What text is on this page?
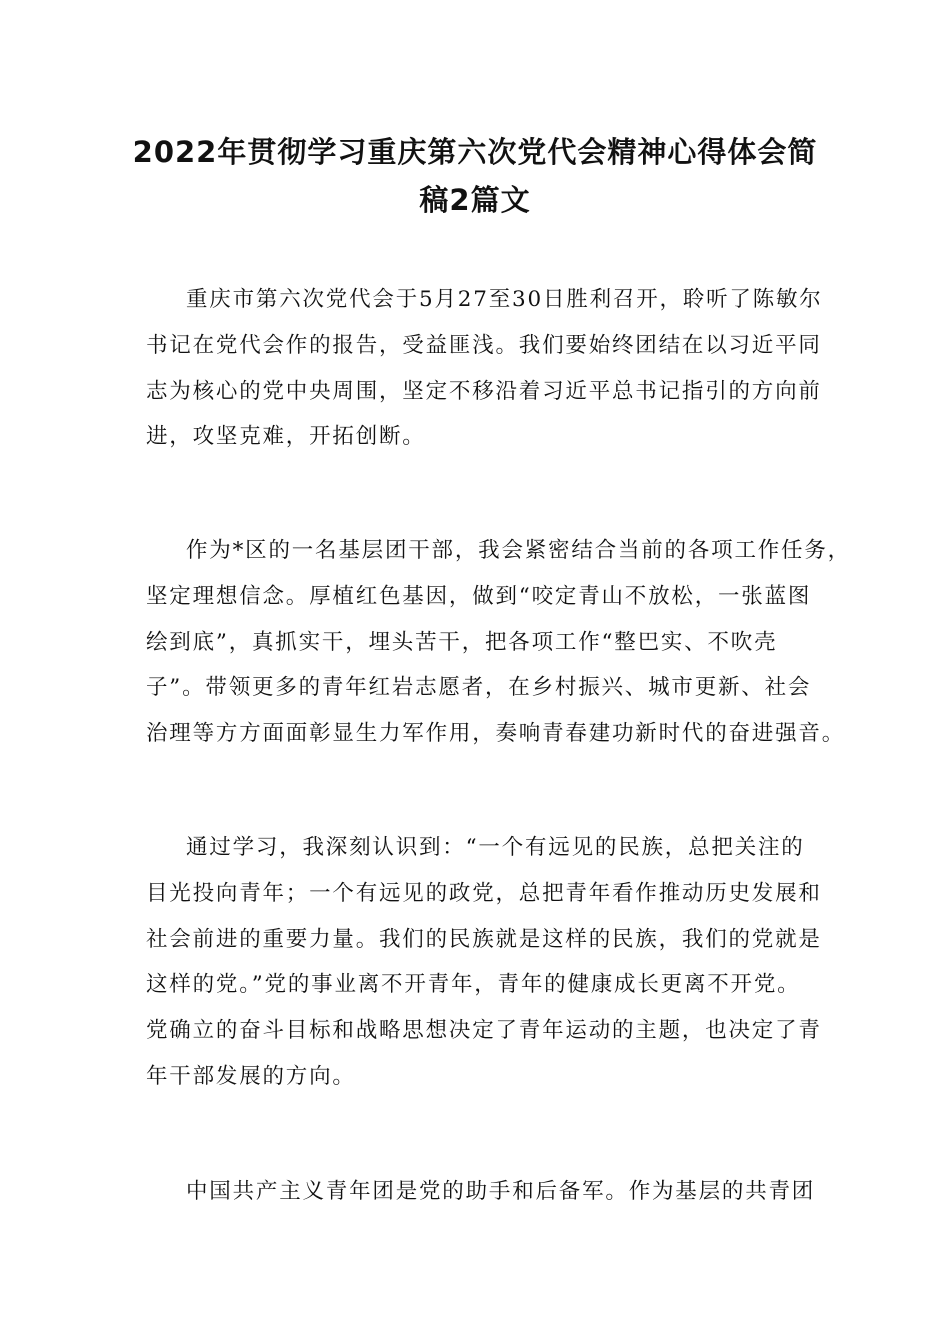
2022年贯彻学习重庆第六次党代会精神心得体会简
稿2篇文
重庆市第六次党代会于5月27至30日胜利召开，聆听了陈敏尔
书记在党代会作的报告，受益匪浅。我们要始终团结在以习近平同
志为核心的党中央周围，坚定不移沿着习近平总书记指引的方向前
进，攻坚克难，开拓创断。
作为*区的一名基层团干部，我会紧密结合当前的各项工作任务，
坚定理想信念。厚植红色基因，做到“咬定青山不放松，一张蓝图
绘到底”，真抓实干，埋头苦干，把各项工作“整巴实、不吹壳
子”。带领更多的青年红岩志愿者，在乡村振兴、城市更新、社会
治理等方方面面彰显生力军作用，奏响青春建功新时代的奋进强音。
通过学习，我深刻认识到：“一个有远见的民族，总把关注的
目光投向青年；一个有远见的政党，总把青年看作推动历史发展和
社会前进的重要力量。我们的民族就是这样的民族，我们的党就是
这样的党。”党的事业离不开青年，青年的健康成长更离不开党。
党确立的奋斗目标和战略思想决定了青年运动的主题，也决定了青
年干部发展的方向。
中国共产主义青年团是党的助手和后备军。作为基层的共青团
